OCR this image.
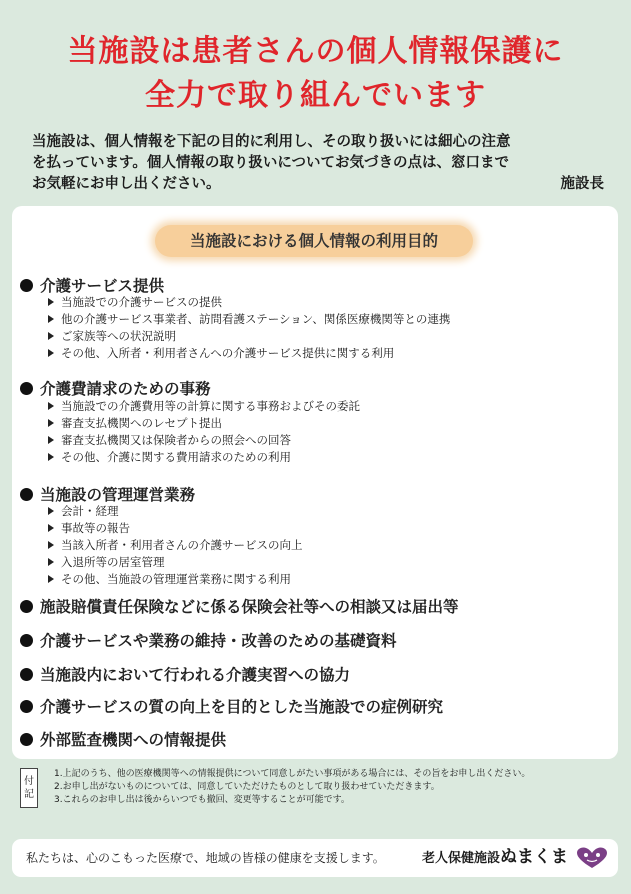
当施設は患者さんの個人情報保護に
全力で取り組んでいます
当施設は、個人情報を下記の目的に利用し、その取り扱いには細心の注意
を払っています。個人情報の取り扱いについてお気づきの点は、窓口まで
お気軽にお申し出ください。	施設長
当施設における個人情報の利用目的
介護サービス提供
当施設での介護サービスの提供
他の介護サービス事業者、訪問看護ステーション、関係医療機関等との連携
ご家族等への状況説明
その他、入所者・利用者さんへの介護サービス提供に関する利用
介護費請求のための事務
当施設での介護費用等の計算に関する事務およびその委託
審査支払機関へのレセプト提出
審査支払機関又は保険者からの照会への回答
その他、介護に関する費用請求のための利用
当施設の管理運営業務
会計・経理
事故等の報告
当該入所者・利用者さんの介護サービスの向上
入退所等の居室管理
その他、当施設の管理運営業務に関する利用
施設賠償責任保険などに係る保険会社等への相談又は届出等
介護サービスや業務の維持・改善のための基礎資料
当施設内において行われる介護実習への協力
介護サービスの質の向上を目的とした当施設での症例研究
外部監査機関への情報提供
付
記
1.上記のうち、他の医療機関等への情報提供について同意しがたい事項がある場合には、その旨をお申し出ください。
2.お申し出がないものについては、同意していただけたものとして取り扱わせていただきます。
3.これらのお申し出は後からいつでも撤回、変更等することが可能です。
私たちは、心のこもった医療で、地域の皆様の健康を支援します。	老人保健施設ぬまくま
